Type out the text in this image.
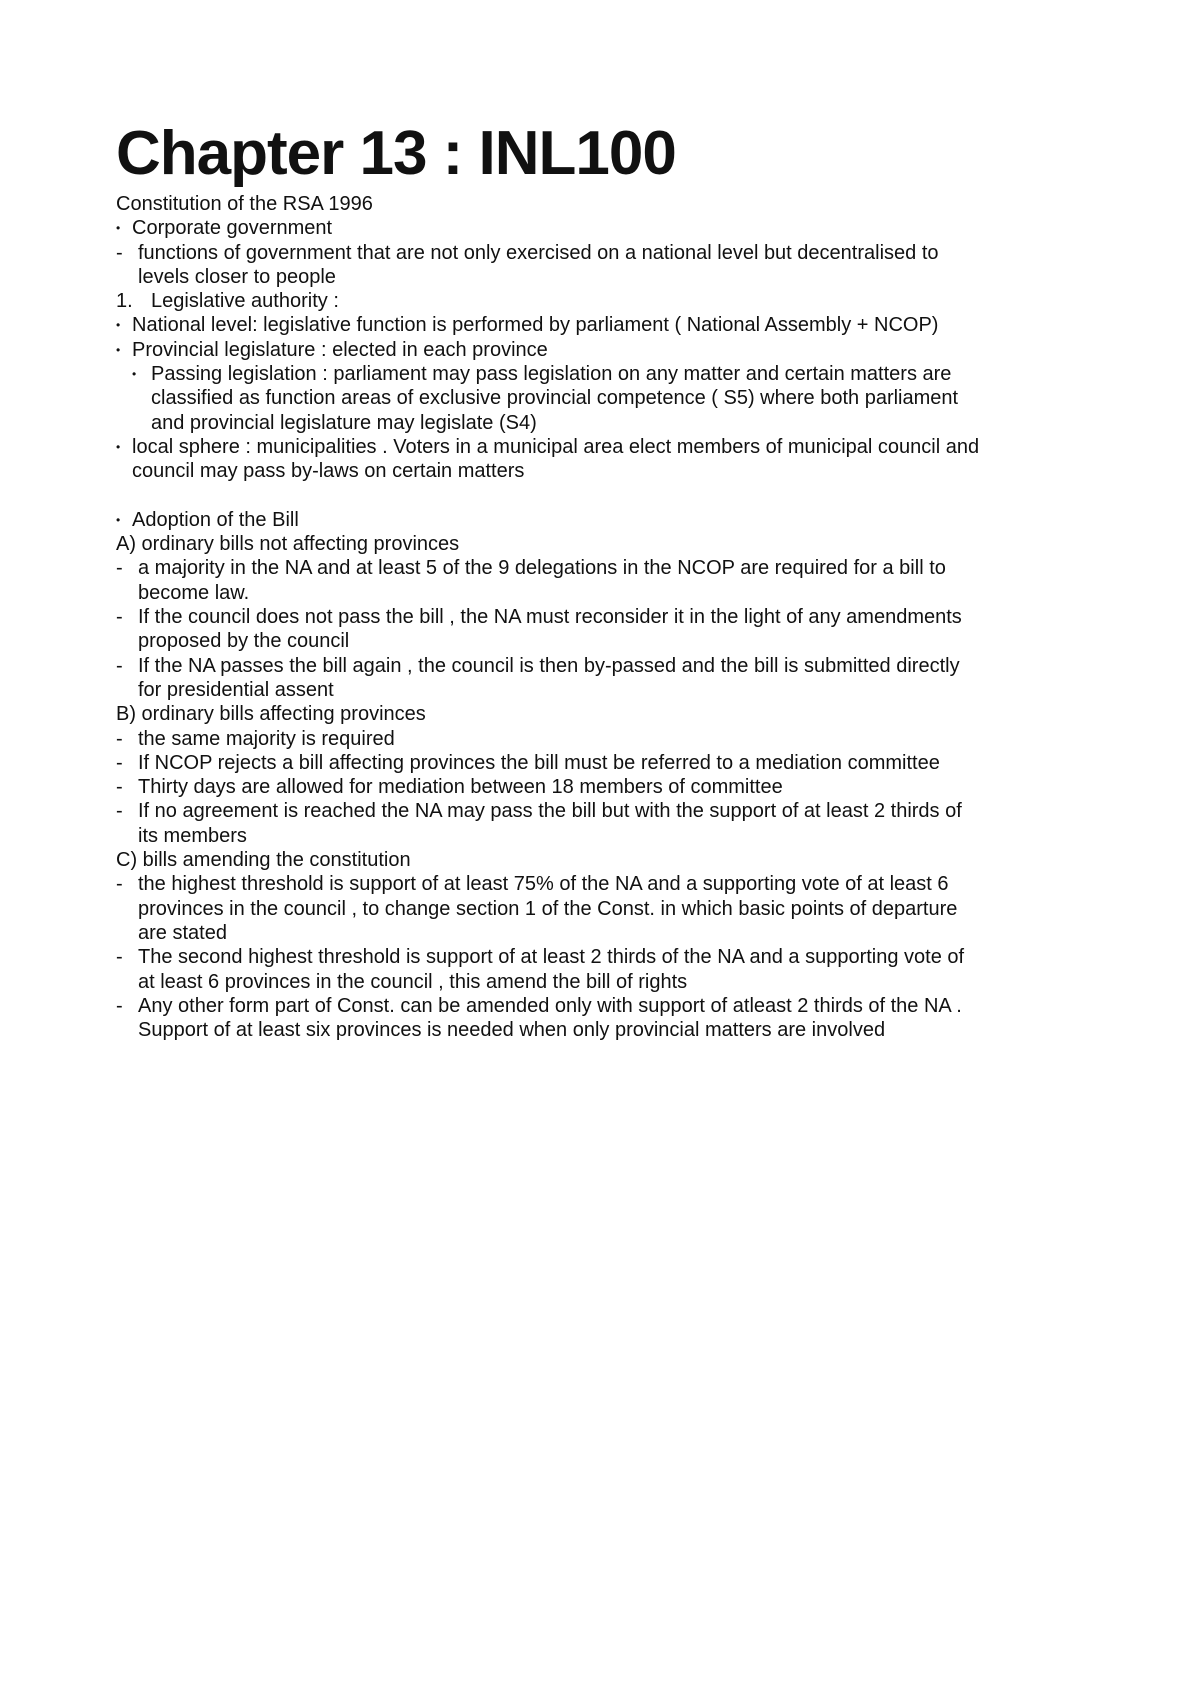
Chapter 13 : INL100
Constitution of the RSA 1996
• Corporate government
- functions of government that are not only exercised on a national level but decentralised to
levels closer to people
1. Legislative authority :
• National level: legislative function is performed by parliament ( National Assembly + NCOP)
• Provincial legislature : elected in each province
• Passing legislation : parliament may pass legislation on any matter and certain matters are
classified as function areas of exclusive provincial competence ( S5) where both parliament
and provincial legislature may legislate (S4)
• local sphere : municipalities . Voters in a municipal area elect members of municipal council and
council may pass by-laws on certain matters
• Adoption of the Bill
A) ordinary bills not affecting provinces
- a majority in the NA and at least 5 of the 9 delegations in the NCOP are required for a bill to
become law.
- If the council does not pass the bill , the NA must reconsider it in the light of any amendments
proposed by the council
- If the NA passes the bill again , the council is then by-passed and the bill is submitted directly
for presidential assent
B) ordinary bills affecting provinces
- the same majority is required
- If NCOP rejects a bill affecting provinces the bill must be referred to a mediation committee
- Thirty days are allowed for mediation between 18 members of committee
- If no agreement is reached the NA may pass the bill but with the support of at least 2 thirds of
its members
C) bills amending the constitution
- the highest threshold is support of at least 75% of the NA and a supporting vote of at least 6
provinces in the council , to change section 1 of the Const. in which basic points of departure
are stated
- The second highest threshold is support of at least 2 thirds of the NA and a supporting vote of
at least 6 provinces in the council , this amend the bill of rights
- Any other form part of Const. can be amended only with support of atleast 2 thirds of the NA .
Support of at least six provinces is needed when only provincial matters are involved
